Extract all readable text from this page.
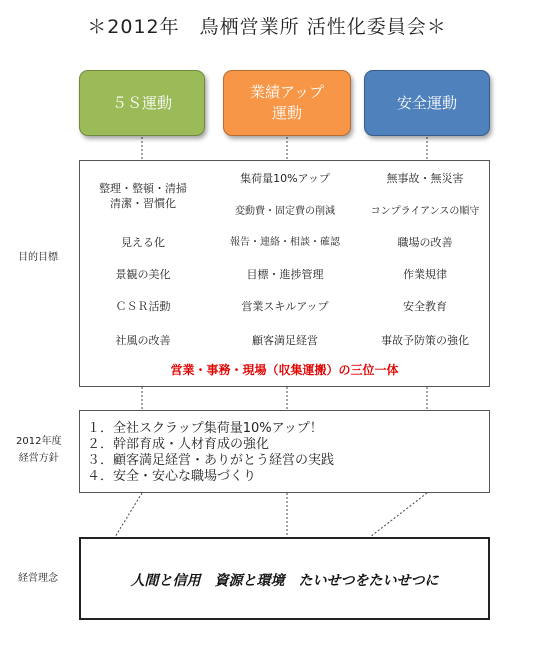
＊2012年　鳥栖営業所 活性化委員会＊
５Ｓ運動
業績アップ
運動
安全運動
目的目標
整理・整頓・清掃
清潔・習慣化
見える化
景観の美化
ＣＳＲ活動
社風の改善
集荷量10%アップ
変動費・固定費の削減
報告・連絡・相談・確認
目標・進捗管理
営業スキルアップ
顧客満足経営
無事故・無災害
コンプライアンスの順守
職場の改善
作業規律
安全教育
事故予防策の強化
営業・事務・現場（収集運搬）の三位一体
2012年度
経営方針
１．全社スクラップ集荷量10%アップ！
２．幹部育成・人材育成の強化
３．顧客満足経営・ありがとう経営の実践
４．安全・安心な職場づくり
経営理念	人間と信用　資源と環境　たいせつをたいせつに
